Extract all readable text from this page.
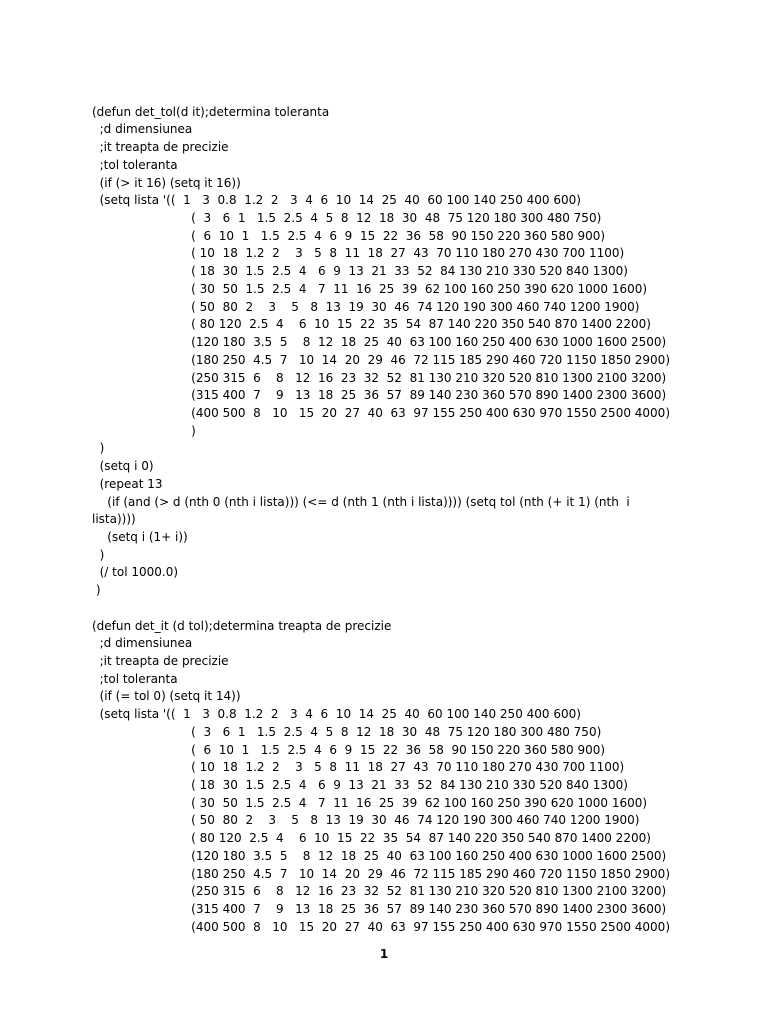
(defun det_tol(d it);determina toleranta
;d dimensiunea
;it treapta de precizie
;tol toleranta
(if (> it 16) (setq it 16))
(setq lista '((  1   3  0.8  1.2  2   3  4  6  10  14  25  40  60 100 140 250 400 600)
(  3   6  1   1.5  2.5  4  5  8  12  18  30  48  75 120 180 300 480 750)
(  6  10  1   1.5  2.5  4  6  9  15  22  36  58  90 150 220 360 580 900)
( 10  18  1.2  2    3   5  8  11  18  27  43  70 110 180 270 430 700 1100)
( 18  30  1.5  2.5  4   6  9  13  21  33  52  84 130 210 330 520 840 1300)
( 30  50  1.5  2.5  4   7  11  16  25  39  62 100 160 250 390 620 1000 1600)
( 50  80  2    3    5   8  13  19  30  46  74 120 190 300 460 740 1200 1900)
( 80 120  2.5  4    6  10  15  22  35  54  87 140 220 350 540 870 1400 2200)
(120 180  3.5  5    8  12  18  25  40  63 100 160 250 400 630 1000 1600 2500)
(180 250  4.5  7   10  14  20  29  46  72 115 185 290 460 720 1150 1850 2900)
(250 315  6    8   12  16  23  32  52  81 130 210 320 520 810 1300 2100 3200)
(315 400  7    9   13  18  25  36  57  89 140 230 360 570 890 1400 2300 3600)
(400 500  8   10   15  20  27  40  63  97 155 250 400 630 970 1550 2500 4000)
)
)
(setq i 0)
(repeat 13
(if (and (> d (nth 0 (nth i lista))) (<= d (nth 1 (nth i lista)))) (setq tol (nth (+ it 1) (nth  i
lista))))
(setq i (1+ i))
)
(/ tol 1000.0)
)
(defun det_it (d tol);determina treapta de precizie
;d dimensiunea
;it treapta de precizie
;tol toleranta
(if (= tol 0) (setq it 14))
(setq lista '((  1   3  0.8  1.2  2   3  4  6  10  14  25  40  60 100 140 250 400 600)
(  3   6  1   1.5  2.5  4  5  8  12  18  30  48  75 120 180 300 480 750)
(  6  10  1   1.5  2.5  4  6  9  15  22  36  58  90 150 220 360 580 900)
( 10  18  1.2  2    3   5  8  11  18  27  43  70 110 180 270 430 700 1100)
( 18  30  1.5  2.5  4   6  9  13  21  33  52  84 130 210 330 520 840 1300)
( 30  50  1.5  2.5  4   7  11  16  25  39  62 100 160 250 390 620 1000 1600)
( 50  80  2    3    5   8  13  19  30  46  74 120 190 300 460 740 1200 1900)
( 80 120  2.5  4    6  10  15  22  35  54  87 140 220 350 540 870 1400 2200)
(120 180  3.5  5    8  12  18  25  40  63 100 160 250 400 630 1000 1600 2500)
(180 250  4.5  7   10  14  20  29  46  72 115 185 290 460 720 1150 1850 2900)
(250 315  6    8   12  16  23  32  52  81 130 210 320 520 810 1300 2100 3200)
(315 400  7    9   13  18  25  36  57  89 140 230 360 570 890 1400 2300 3600)
(400 500  8   10   15  20  27  40  63  97 155 250 400 630 970 1550 2500 4000)
1
